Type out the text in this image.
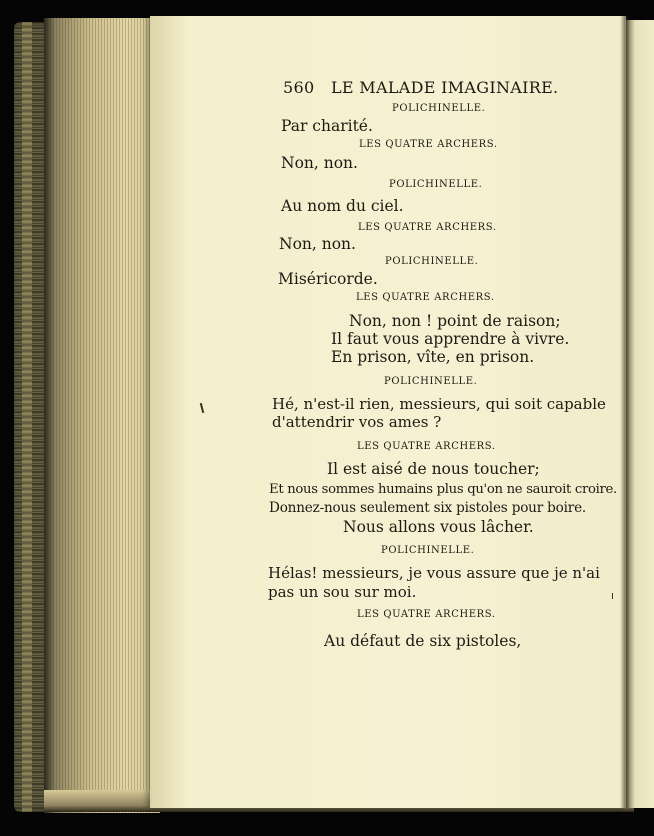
560 LE MALADE IMAGINAIRE.
POLICHINELLE.
Par charité.
LES QUATRE ARCHERS.
Non, non.
POLICHINELLE.
Au nom du ciel.
LES QUATRE ARCHERS.
Non, non.
POLICHINELLE.
Miséricorde.
LES QUATRE ARCHERS.
Non, non ! point de raison;
Il faut vous apprendre à vivre.
En prison, vîte, en prison.
POLICHINELLE.
Hé, n'est-il rien, messieurs, qui soit capable
d'attendrir vos ames ?
LES QUATRE ARCHERS.
Il est aisé de nous toucher;
Et nous sommes humains plus qu'on ne sauroit croire.
Donnez-nous seulement six pistoles pour boire.
Nous allons vous lâcher.
POLICHINELLE.
Hélas! messieurs, je vous assure que je n'ai
pas un sou sur moi.
LES QUATRE ARCHERS.
Au défaut de six pistoles,
